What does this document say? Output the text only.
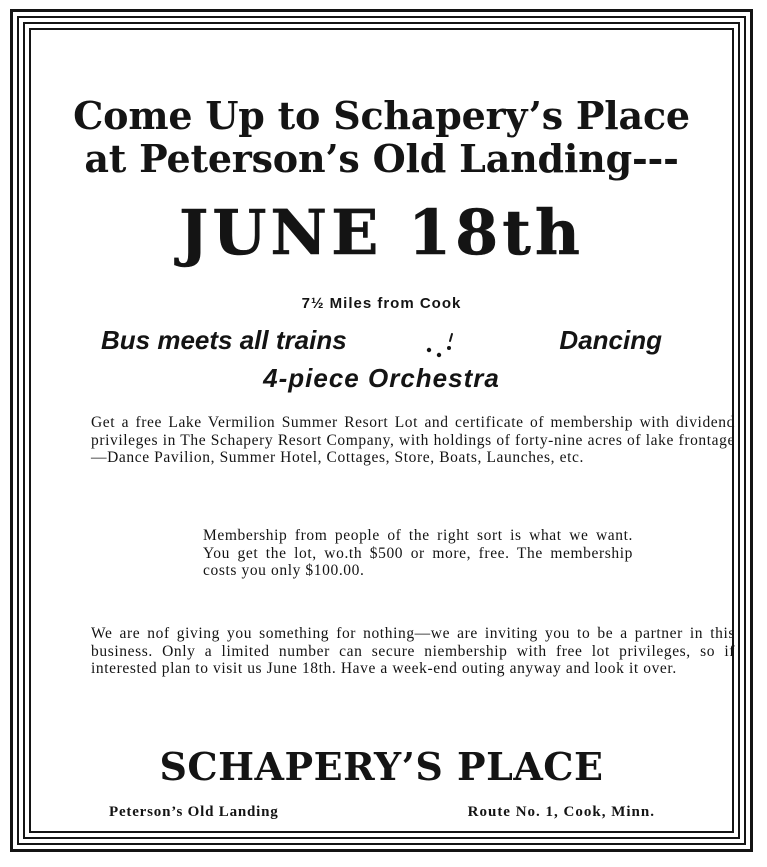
Come Up to Schapery’s Place
at Peterson’s Old Landing---
JUNE 18th
7½ Miles from Cook
Bus meets all trains	Dancing
4-piece Orchestra
Get a free Lake Vermilion Summer Resort Lot and certificate of membership with dividend privileges in The Schapery Resort Company, with holdings of forty-nine acres of lake frontage—Dance Pavilion, Summer Hotel, Cottages, Store, Boats, Launches, etc.
Membership from people of the right sort is what we want. You get the lot, wo.th $500 or more, free. The membership costs you only $100.00.
We are nof giving you something for nothing—we are inviting you to be a partner in this business. Only a limited number can secure niembership with free lot privileges, so if interested plan to visit us June 18th. Have a week-end outing anyway and look it over.
SCHAPERY’S PLACE
Peterson’s Old Landing	Route No. 1, Cook, Minn.
